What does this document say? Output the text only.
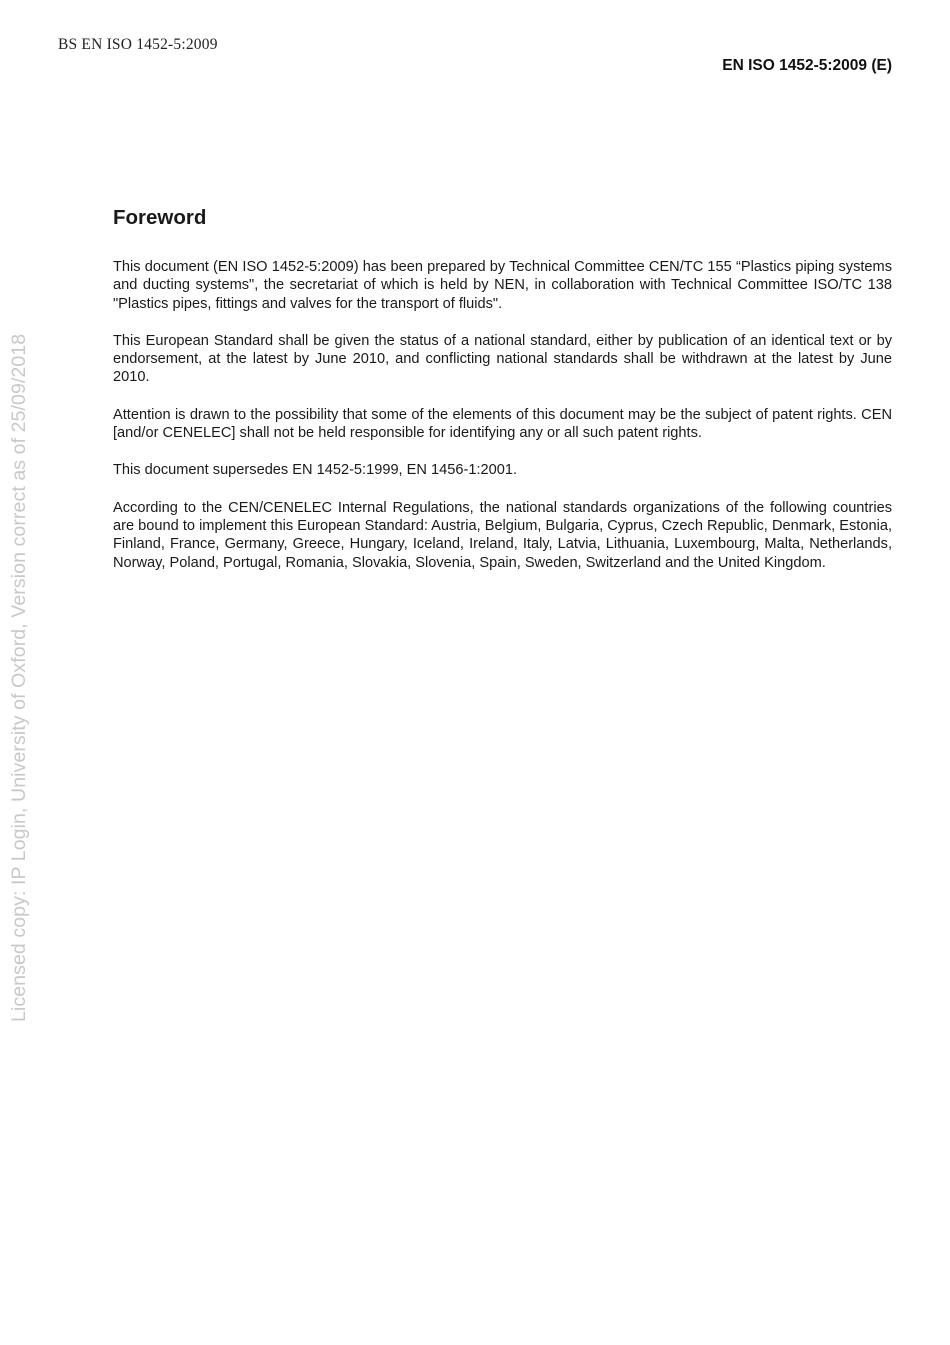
BS EN ISO 1452-5:2009
EN ISO 1452-5:2009 (E)
Licensed copy: IP Login, University of Oxford, Version correct as of 25/09/2018
Foreword

This document (EN ISO 1452-5:2009) has been prepared by Technical Committee CEN/TC 155 “Plastics piping systems and ducting systems", the secretariat of which is held by NEN, in collaboration with Technical Committee ISO/TC 138 "Plastics pipes, fittings and valves for the transport of fluids".

This European Standard shall be given the status of a national standard, either by publication of an identical text or by endorsement, at the latest by June 2010, and conflicting national standards shall be withdrawn at the latest by June 2010.

Attention is drawn to the possibility that some of the elements of this document may be the subject of patent rights. CEN [and/or CENELEC] shall not be held responsible for identifying any or all such patent rights.

This document supersedes EN 1452-5:1999, EN 1456-1:2001.

According to the CEN/CENELEC Internal Regulations, the national standards organizations of the following countries are bound to implement this European Standard: Austria, Belgium, Bulgaria, Cyprus, Czech Republic, Denmark, Estonia, Finland, France, Germany, Greece, Hungary, Iceland, Ireland, Italy, Latvia, Lithuania, Luxembourg, Malta, Netherlands, Norway, Poland, Portugal, Romania, Slovakia, Slovenia, Spain, Sweden, Switzerland and the United Kingdom.
